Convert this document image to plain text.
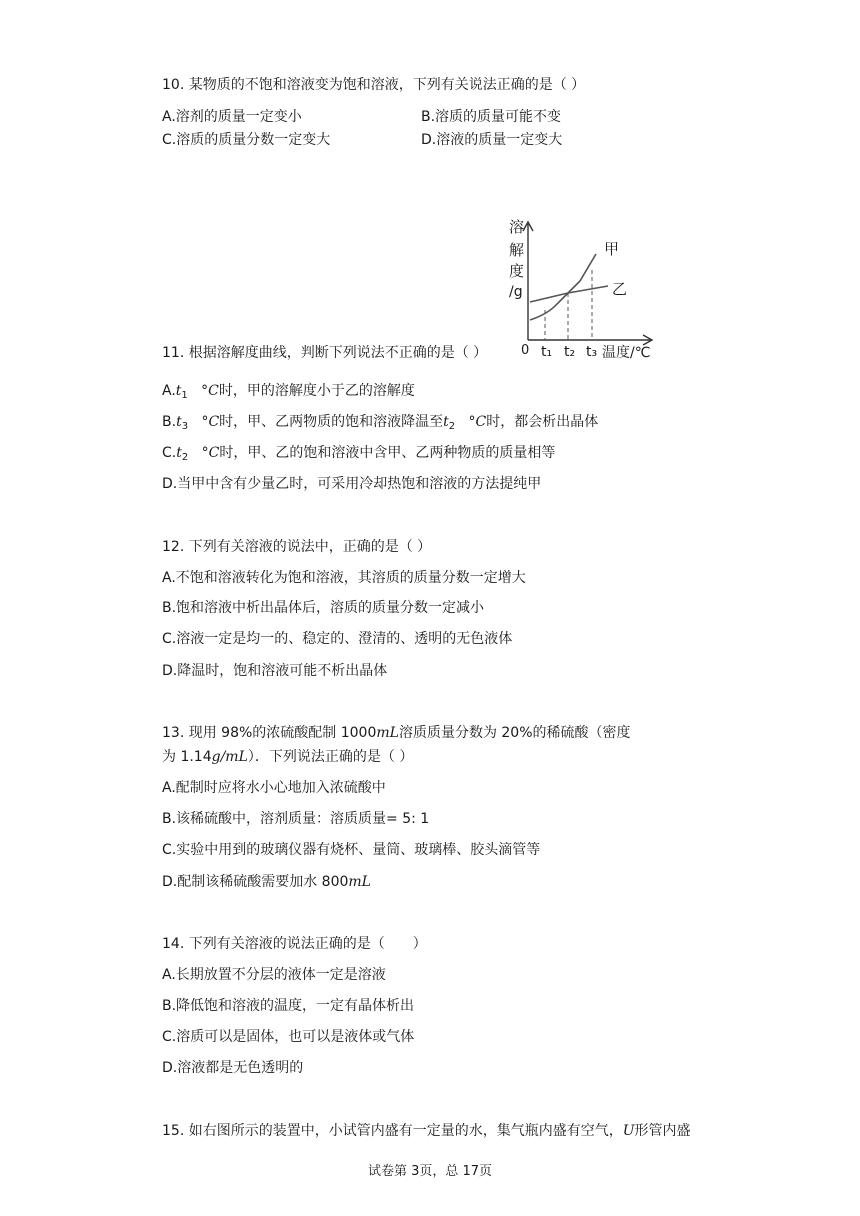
10. 某物质的不饱和溶液变为饱和溶液，下列有关说法正确的是（ ）
A.溶剂的质量一定变小	B.溶质的质量可能不变
C.溶质的质量分数一定变大	D.溶液的质量一定变大
溶
解
度
/g
0 t₁ t₂ t₃ 温度/℃
甲
乙
11. 根据溶解度曲线，判断下列说法不正确的是（ ）
$A.t_1$ °C时，甲的溶解度小于乙的溶解度
$B.t_3$ °C时，甲、乙两物质的饱和溶液降温至$t_2$ °C时，都会析出晶体
$C.t_2$ °C时，甲、乙的饱和溶液中含甲、乙两种物质的质量相等
D.当甲中含有少量乙时，可采用冷却热饱和溶液的方法提纯甲
12. 下列有关溶液的说法中，正确的是（ ）
A.不饱和溶液转化为饱和溶液，其溶质的质量分数一定增大
B.饱和溶液中析出晶体后，溶质的质量分数一定减小
C.溶液一定是均一的、稳定的、澄清的、透明的无色液体
D.降温时，饱和溶液可能不析出晶体
13. 现用 98%的浓硫酸配制 1000mL溶质质量分数为 20%的稀硫酸（密度
为 1.14g/mL）．下列说法正确的是（ ）
A.配制时应将水小心地加入浓硫酸中
B.该稀硫酸中，溶剂质量：溶质质量= 5: 1
C.实验中用到的玻璃仪器有烧杯、量筒、玻璃棒、胶头滴管等
D.配制该稀硫酸需要加水 800mL
14. 下列有关溶液的说法正确的是（　　）
A.长期放置不分层的液体一定是溶液
B.降低饱和溶液的温度，一定有晶体析出
C.溶质可以是固体，也可以是液体或气体
D.溶液都是无色透明的
15. 如右图所示的装置中，小试管内盛有一定量的水，集气瓶内盛有空气，U形管内盛
试卷第 3页，总 17页
